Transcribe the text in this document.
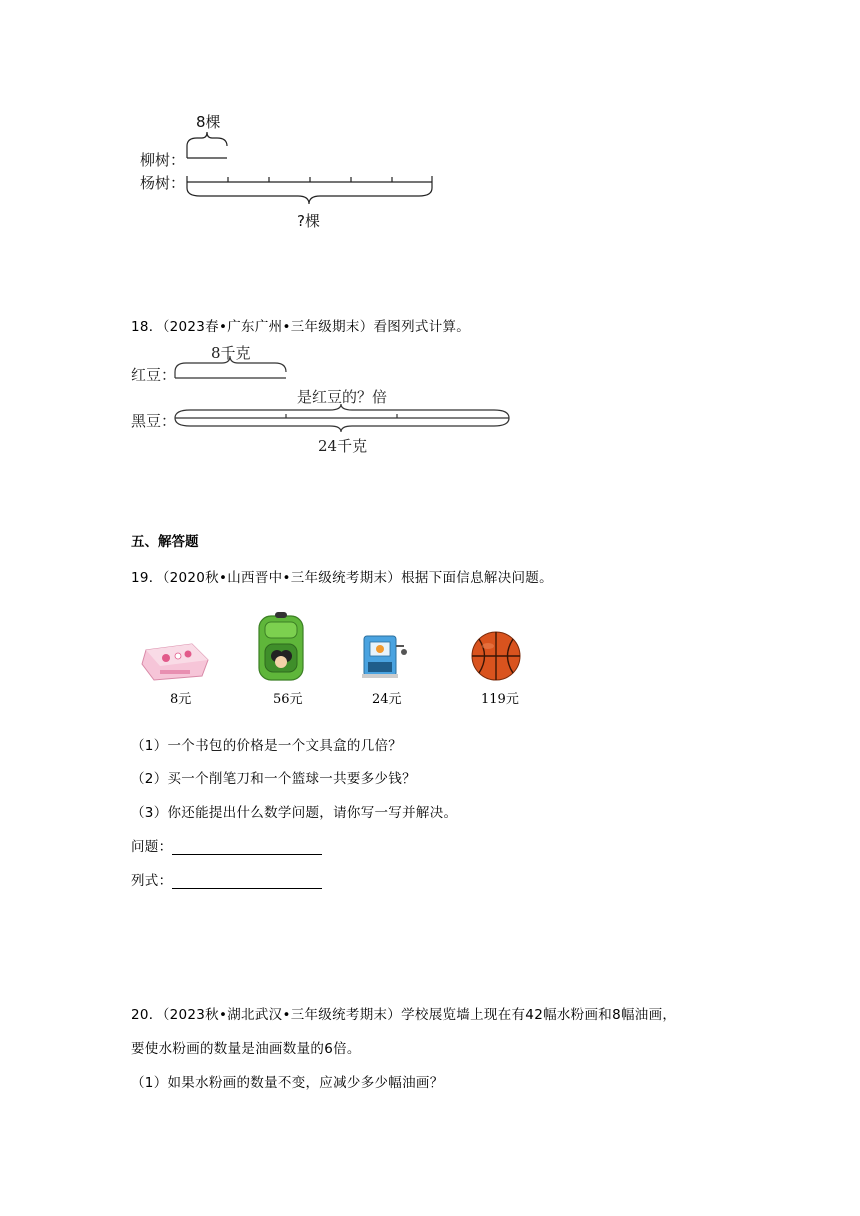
8棵
柳树：
杨树：
?棵
18．（2023春•广东广州•三年级期末）看图列式计算。
8千克
红豆：
是红豆的？倍
黑豆：
24千克
五、解答题
19．（2020秋•山西晋中•三年级统考期末）根据下面信息解决问题。
8元	56元	24元	119元
（1）一个书包的价格是一个文具盒的几倍？
（2）买一个削笔刀和一个篮球一共要多少钱？
（3）你还能提出什么数学问题，请你写一写并解决。
问题：
列式：
20．（2023秋•湖北武汉•三年级统考期末）学校展览墙上现在有42幅水粉画和8幅油画，
要使水粉画的数量是油画数量的6倍。
（1）如果水粉画的数量不变，应减少多少幅油画？
